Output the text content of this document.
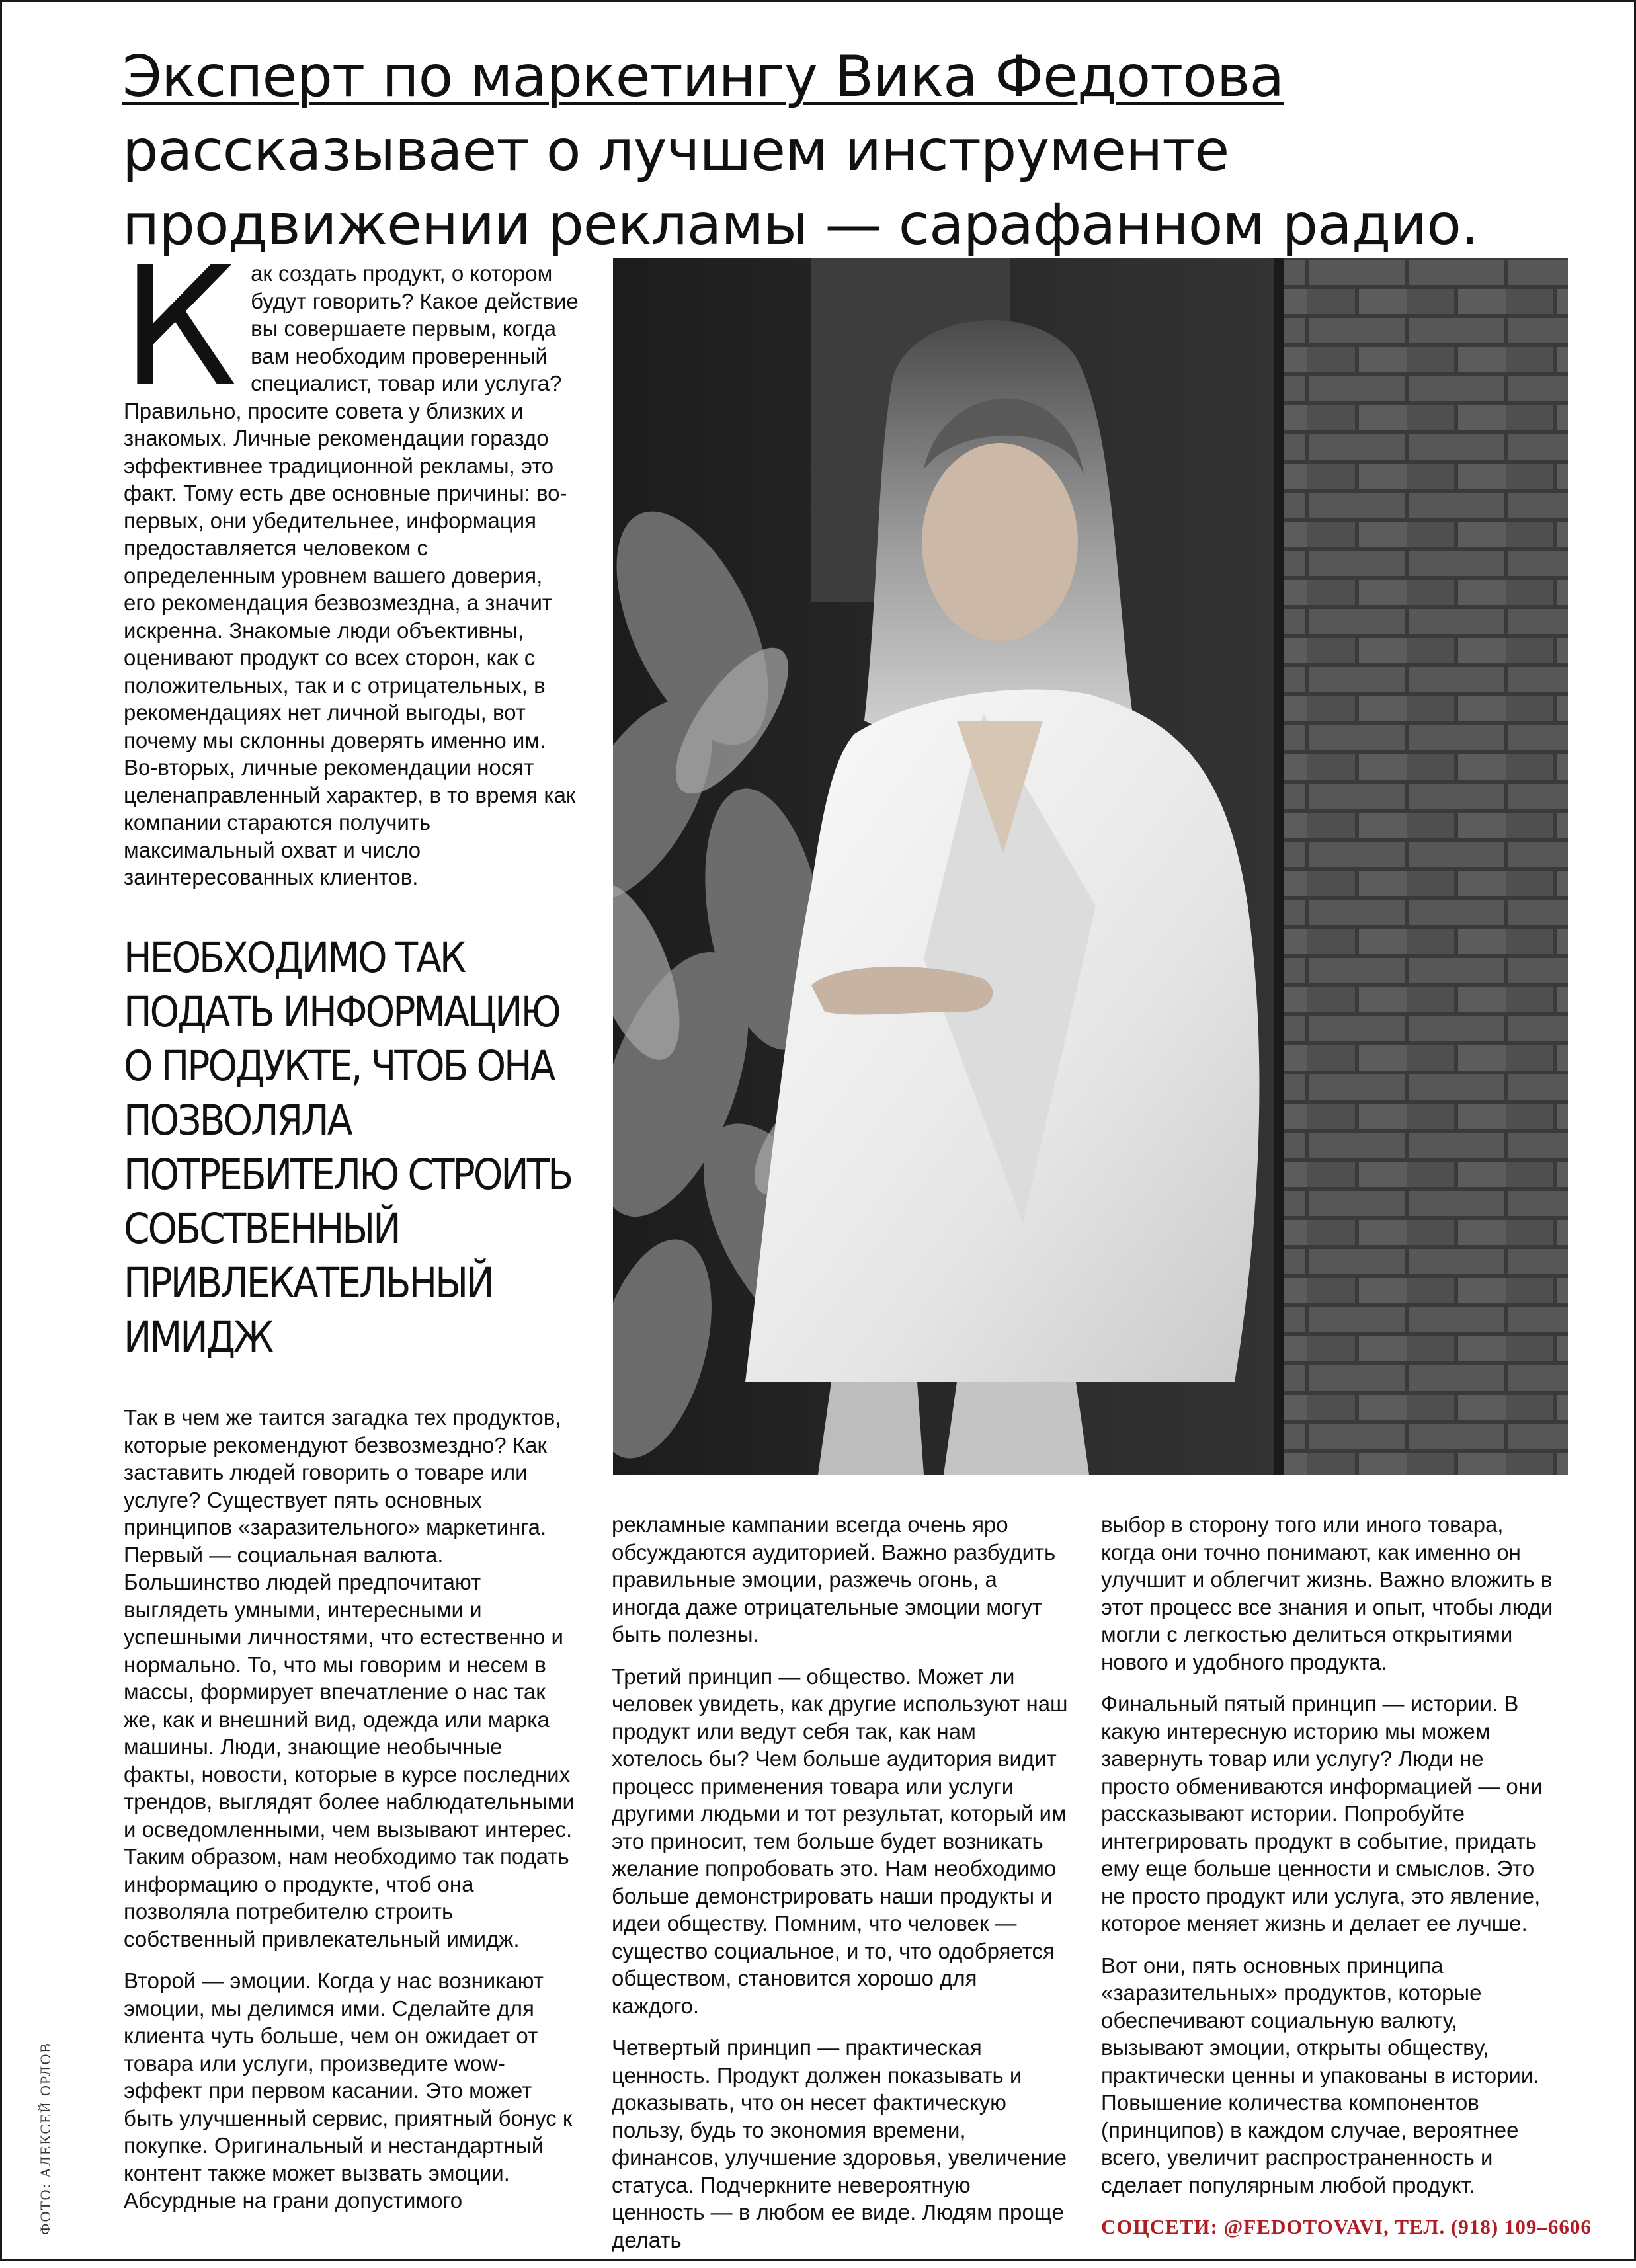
Эксперт по маркетингу Вика Федотова рассказывает о лучшем инструменте продвижении рекламы — сарафанном радио.
Как создать продукт, о котором будут говорить? Какое действие вы совершаете первым, когда вам необходим проверенный специалист, товар или услуга? Правильно, просите совета у близких и знакомых. Личные рекомендации гораздо эффективнее традиционной рекламы, это факт. Тому есть две основные причины: во-первых, они убедительнее, информация предоставляется человеком с определенным уровнем вашего доверия, его рекомендация безвозмездна, а значит искренна. Знакомые люди объективны, оценивают продукт со всех сторон, как с положительных, так и с отрицательных, в рекомендациях нет личной выгоды, вот почему мы склонны доверять именно им. Во-вторых, личные рекомендации носят целенаправленный характер, в то время как компании стараются получить максимальный охват и число заинтересованных клиентов.
НЕОБХОДИМО ТАК ПОДАТЬ ИНФОРМАЦИЮ О ПРОДУКТЕ, ЧТОБ ОНА ПОЗВОЛЯЛА ПОТРЕБИТЕЛЮ СТРОИТЬ СОБСТВЕННЫЙ ПРИВЛЕКАТЕЛЬНЫЙ ИМИДЖ

Так в чем же таится загадка тех продуктов, которые рекомендуют безвозмездно? Как заставить людей говорить о товаре или услуге? Существует пять основных принципов «заразительного» маркетинга. Первый — социальная валюта. Большинство людей предпочитают выглядеть умными, интересными и успешными личностями, что естественно и нормально. То, что мы говорим и несем в массы, формирует впечатление о нас так же, как и внешний вид, одежда или марка машины. Люди, знающие необычные факты, новости, которые в курсе последних трендов, выглядят более наблюдательными и осведомленными, чем вызывают интерес. Таким образом, нам необходимо так подать информацию о продукте, чтоб она позволяла потребителю строить собственный привлекательный имидж.

Второй — эмоции. Когда у нас возникают эмоции, мы делимся ими. Сделайте для клиента чуть больше, чем он ожидает от товара или услуги, произведите wow-эффект при первом касании. Это может быть улучшенный сервис, приятный бонус к покупке. Оригинальный и нестандартный контент также может вызвать эмоции. Абсурдные на грани допустимого

рекламные кампании всегда очень яро обсуждаются аудиторией. Важно разбудить правильные эмоции, разжечь огонь, а иногда даже отрицательные эмоции могут быть полезны.

Третий принцип — общество. Может ли человек увидеть, как другие используют наш продукт или ведут себя так, как нам хотелось бы? Чем больше аудитория видит процесс применения товара или услуги другими людьми и тот результат, который им это приносит, тем больше будет возникать желание попробовать это. Нам необходимо больше демонстрировать наши продукты и идеи обществу. Помним, что человек — существо социальное, и то, что одобряется обществом, становится хорошо для каждого.

Четвертый принцип — практическая ценность. Продукт должен показывать и доказывать, что он несет фактическую пользу, будь то экономия времени, финансов, улучшение здоровья, увеличение статуса. Подчеркните невероятную ценность — в любом ее виде. Людям проще делать

выбор в сторону того или иного товара, когда они точно понимают, как именно он улучшит и облегчит жизнь. Важно вложить в этот процесс все знания и опыт, чтобы люди могли с легкостью делиться открытиями нового и удобного продукта.

Финальный пятый принцип — истории. В какую интересную историю мы можем завернуть товар или услугу? Люди не просто обмениваются информацией — они рассказывают истории. Попробуйте интегрировать продукт в событие, придать ему еще больше ценности и смыслов. Это не просто продукт или услуга, это явление, которое меняет жизнь и делает ее лучше.

Вот они, пять основных принципа «заразительных» продуктов, которые обеспечивают социальную валюту, вызывают эмоции, открыты обществу, практически ценны и упакованы в истории. Повышение количества компонентов (принципов) в каждом случае, вероятнее всего, увеличит распространенность и сделает популярным любой продукт.

СОЦСЕТИ: @FEDOTOVAVI, ТЕЛ. (918) 109–6606
ФОТО: АЛЕКСЕЙ ОРЛОВ
